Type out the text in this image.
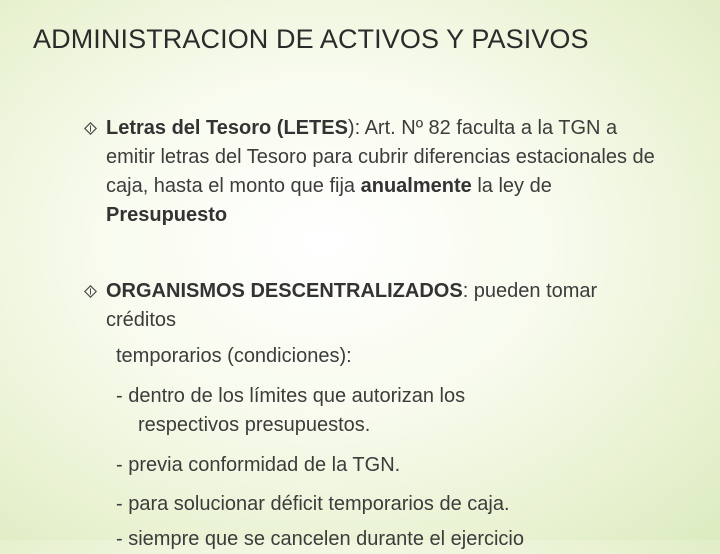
ADMINISTRACION DE ACTIVOS Y PASIVOS
Letras del Tesoro (LETES): Art. Nº 82 faculta a la TGN a emitir letras del Tesoro para cubrir diferencias estacionales de caja, hasta el monto que fija anualmente la ley de Presupuesto
ORGANISMOS DESCENTRALIZADOS: pueden tomar créditos
temporarios (condiciones):
- dentro de los límites que autorizan los
respectivos presupuestos.
- previa conformidad de la TGN.
- para solucionar déficit temporarios de caja.
- siempre que se cancelen durante el ejercicio
